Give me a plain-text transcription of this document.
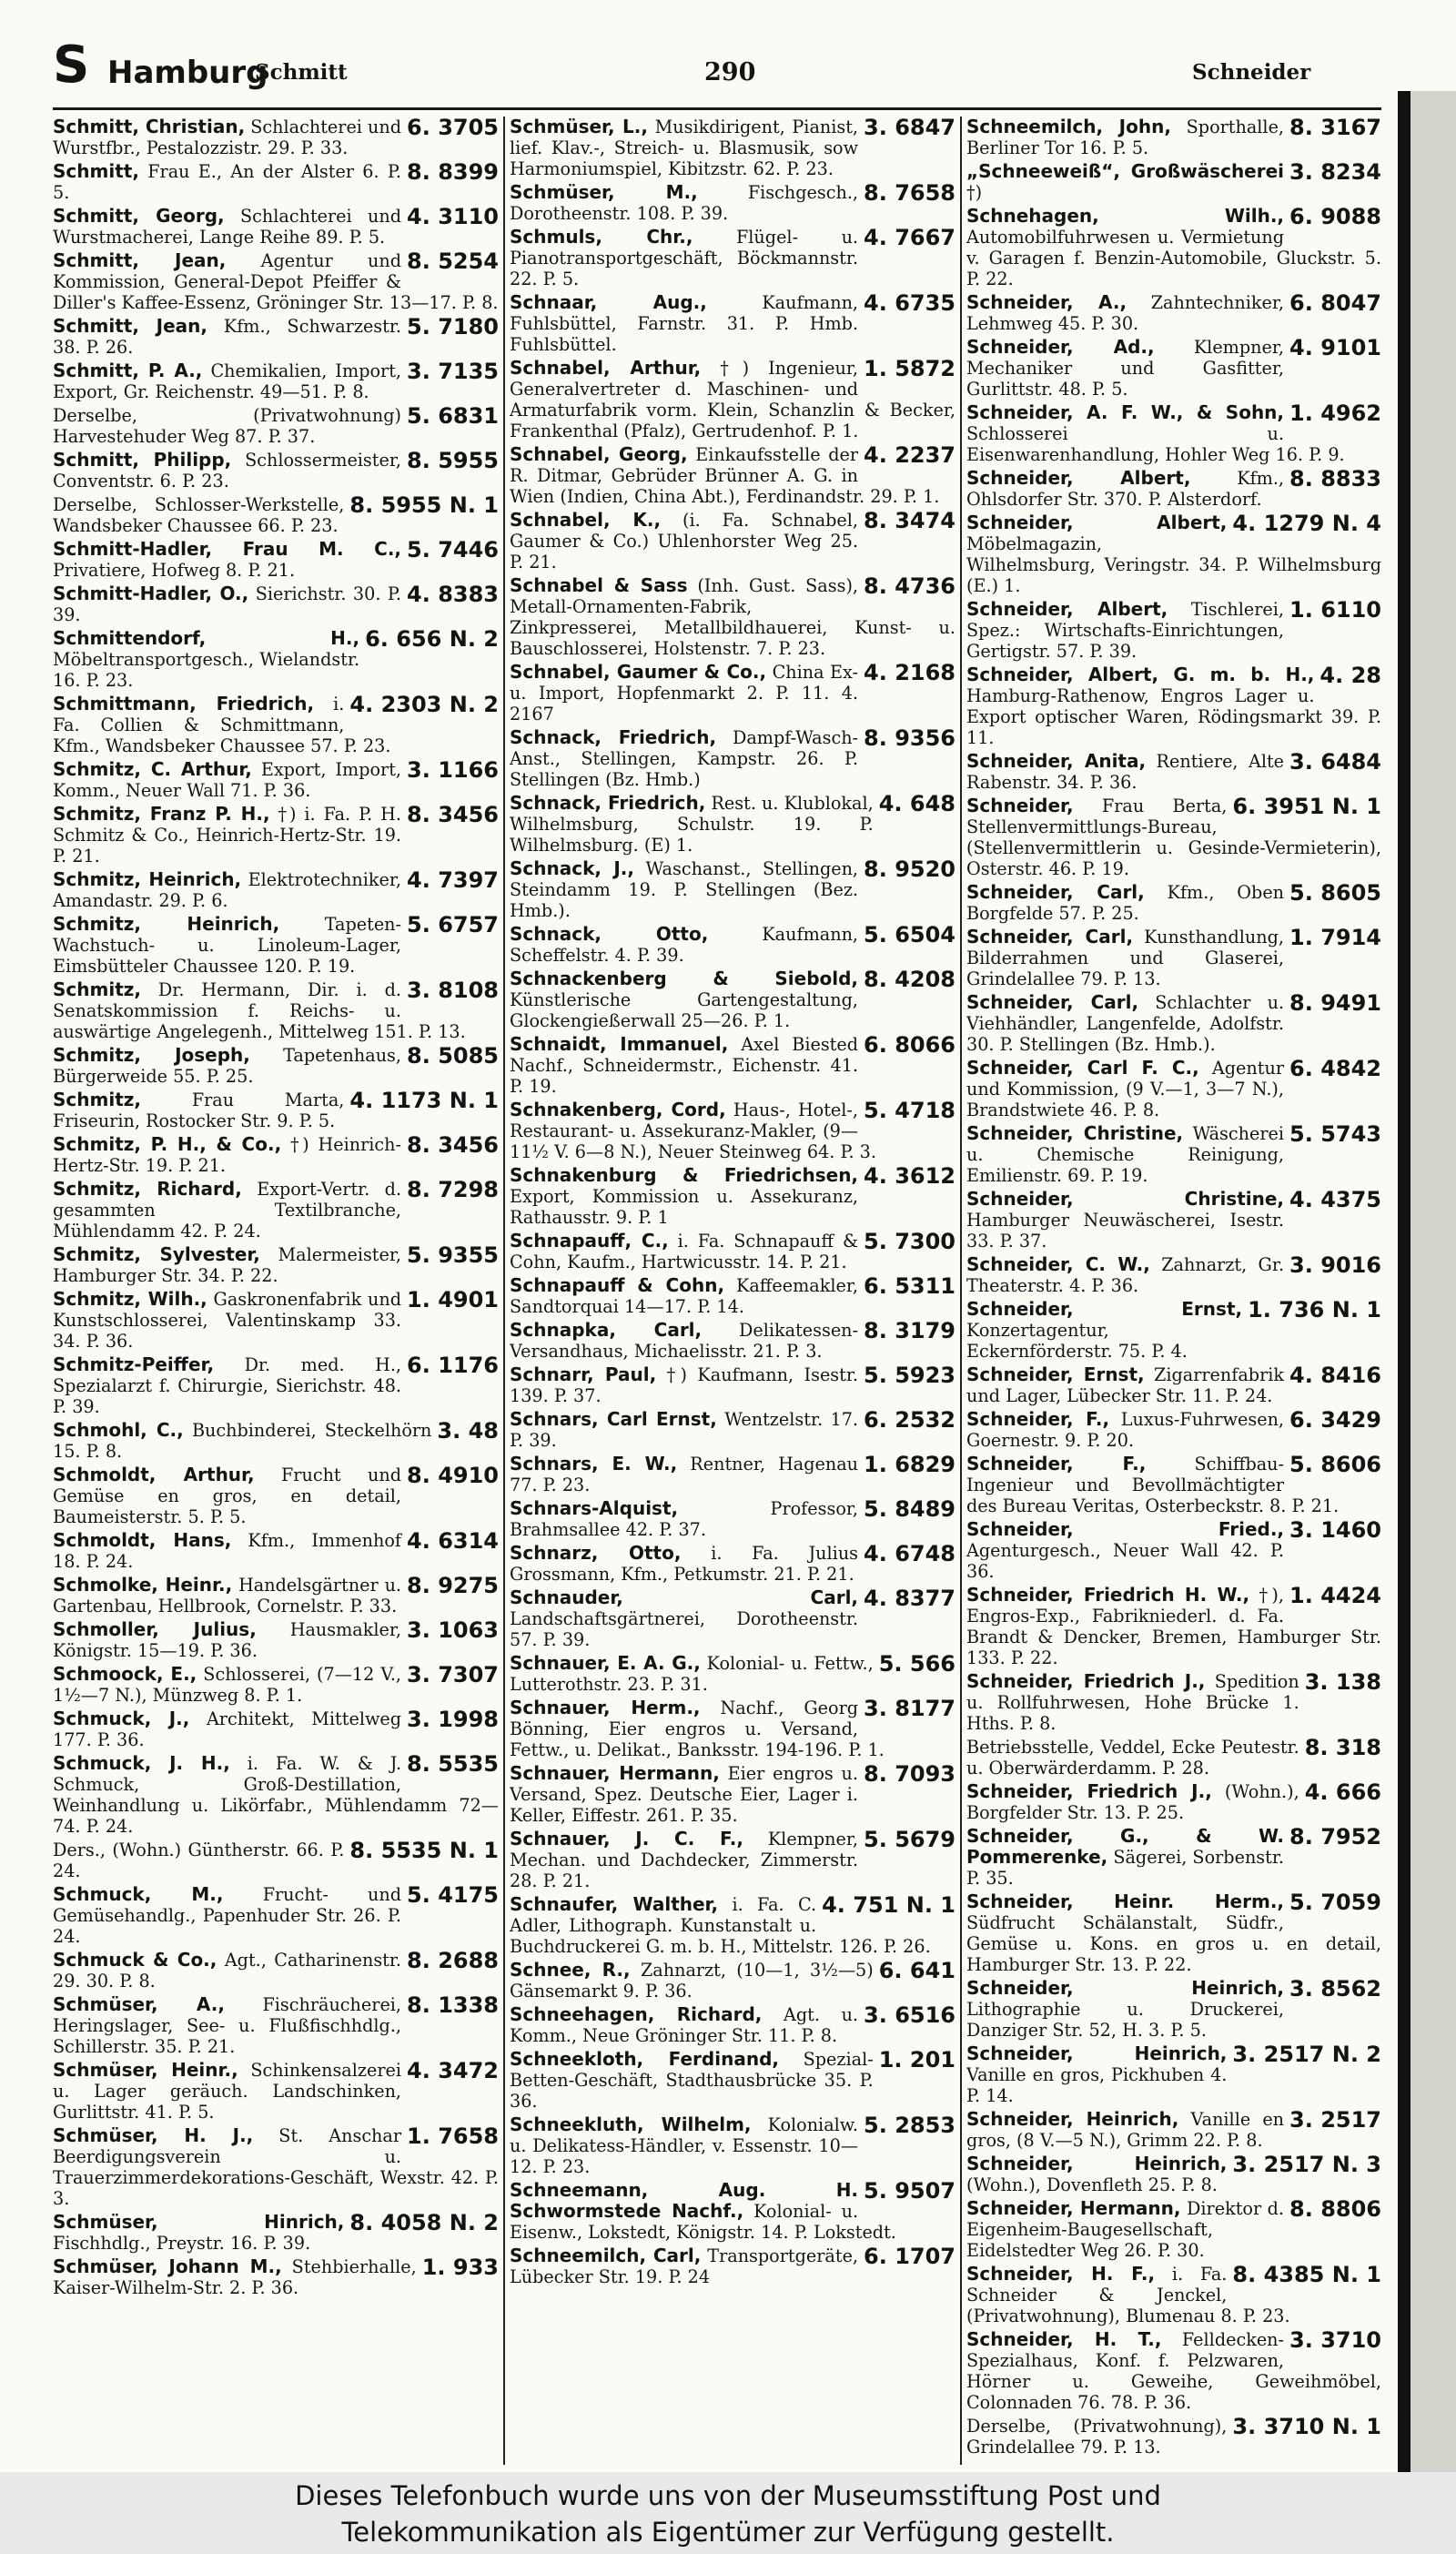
S Hamburg
Schmitt	290	Schneider
6. 3705
Schmitt, Christian, Schlachterei und Wurstfbr., Pestalozzistr. 29. P. 33.
8. 8399
Schmitt, Frau E., An der Alster 6. P. 5.
4. 3110
Schmitt, Georg, Schlachterei und Wurstmacherei, Lange Reihe 89. P. 5.
8. 5254
Schmitt, Jean, Agentur und Kommission, General-Depot Pfeiffer & Diller's Kaffee-Essenz, Gröninger Str. 13—17. P. 8.
5. 7180
Schmitt, Jean, Kfm., Schwarzestr. 38. P. 26.
3. 7135
Schmitt, P. A., Chemikalien, Import, Export, Gr. Reichenstr. 49—51. P. 8.
5. 6831
Derselbe, (Privatwohnung) Harvestehuder Weg 87. P. 37.
8. 5955
Schmitt, Philipp, Schlossermeister, Conventstr. 6. P. 23.
8. 5955 N. 1
Derselbe, Schlosser-Werkstelle, Wandsbeker Chaussee 66. P. 23.
5. 7446
Schmitt-Hadler, Frau M. C., Privatiere, Hofweg 8. P. 21.
4. 8383
Schmitt-Hadler, O., Sierichstr. 30. P. 39.
6. 656 N. 2
Schmittendorf, H., Möbeltransportgesch., Wielandstr. 16. P. 23.
4. 2303 N. 2
Schmittmann, Friedrich, i. Fa. Collien & Schmittmann, Kfm., Wandsbeker Chaussee 57. P. 23.
3. 1166
Schmitz, C. Arthur, Export, Import, Komm., Neuer Wall 71. P. 36.
8. 3456
Schmitz, Franz P. H., †) i. Fa. P. H. Schmitz & Co., Heinrich-Hertz-Str. 19. P. 21.
4. 7397
Schmitz, Heinrich, Elektrotechniker, Amandastr. 29. P. 6.
5. 6757
Schmitz, Heinrich,	Tapeten-Wachstuch- u. Linoleum-Lager, Eimsbütteler Chaussee 120. P. 19.
3. 8108
Schmitz, Dr. Hermann, Dir. i. d. Senatskommission f. Reichs- u. auswärtige Angelegenh., Mittelweg 151. P. 13.
8. 5085
Schmitz, Joseph, Tapetenhaus, Bürgerweide 55. P. 25.
4. 1173 N. 1
Schmitz,	Frau Marta, Friseurin, Rostocker Str. 9. P. 5.
8. 3456
Schmitz, P. H., & Co., †) Heinrich-Hertz-Str. 19. P. 21.
8. 7298
Schmitz, Richard, Export-Vertr. d. gesammten Textilbranche, Mühlendamm 42. P. 24.
5. 9355
Schmitz, Sylvester, Malermeister, Hamburger Str. 34. P. 22.
1. 4901
Schmitz, Wilh., Gaskronenfabrik und Kunstschlosserei, Valentinskamp 33. 34. P. 36.
6. 1176
Schmitz-Peiffer, Dr. med. H., Spezialarzt f. Chirurgie, Sierichstr. 48. P. 39.
3. 48
Schmohl, C., Buchbinderei, Steckelhörn 15. P. 8.
8. 4910
Schmoldt, Arthur, Frucht und Gemüse en gros, en detail, Baumeisterstr. 5. P. 5.
4. 6314
Schmoldt, Hans, Kfm., Immenhof 18. P. 24.
8. 9275
Schmolke, Heinr., Handelsgärtner u. Gartenbau, Hellbrook, Cornelstr. P. 33.
3. 1063
Schmoller, Julius, Hausmakler, Königstr. 15—19. P. 36.
3. 7307
Schmoock, E., Schlosserei, (7—12 V., 1½—7 N.), Münzweg 8. P. 1.
3. 1998
Schmuck, J., Architekt, Mittelweg 177. P. 36.
8. 5535
Schmuck, J. H., i. Fa. W. & J. Schmuck, Groß-Destillation, Weinhandlung u. Likörfabr., Mühlendamm 72—74. P. 24.
8. 5535 N. 1
Ders., (Wohn.) Güntherstr. 66. P. 24.
5. 4175
Schmuck, M., Frucht- und Gemüsehandlg., Papenhuder Str. 26. P. 24.
8. 2688
Schmuck & Co., Agt., Catharinenstr. 29. 30. P. 8.
8. 1338
Schmüser, A., Fischräucherei, Heringslager, See- u. Flußfischhdlg., Schillerstr. 35. P. 21.
4. 3472
Schmüser, Heinr., Schinkensalzerei u. Lager geräuch. Landschinken, Gurlittstr. 41. P. 5.
1. 7658
Schmüser, H. J., St. Anschar Beerdigungsverein u. Trauerzimmerdekorations-Geschäft, Wexstr. 42. P. 3.
8. 4058 N. 2
Schmüser, Hinrich, Fischhdlg., Preystr. 16. P. 39.
1. 933
Schmüser, Johann M., Stehbierhalle, Kaiser-Wilhelm-Str. 2. P. 36.
3. 6847
Schmüser, L., Musikdirigent, Pianist, lief. Klav.-, Streich- u. Blasmusik, sow Harmoniumspiel, Kibitzstr. 62. P. 23.
8. 7658
Schmüser, M.,	Fischgesch., Dorotheenstr. 108. P. 39.
4. 7667
Schmuls, Chr., Flügel- u. Pianotransportgeschäft, Böckmannstr. 22. P. 5.
4. 6735
Schnaar, Aug.,	Kaufmann, Fuhlsbüttel, Farnstr. 31. P. Hmb. Fuhlsbüttel.
1. 5872
Schnabel, Arthur, †) Ingenieur, Generalvertreter d. Maschinen- und Armaturfabrik vorm. Klein, Schanzlin & Becker, Frankenthal (Pfalz), Gertrudenhof. P. 1.
4. 2237
Schnabel, Georg, Einkaufsstelle der R. Ditmar, Gebrüder Brünner A. G. in Wien (Indien, China Abt.), Ferdinandstr. 29. P. 1.
8. 3474
Schnabel, K., (i. Fa. Schnabel, Gaumer & Co.) Uhlenhorster Weg 25. P. 21.
8. 4736
Schnabel & Sass (Inh. Gust. Sass), Metall-Ornamenten-Fabrik, Zinkpresserei, Metallbildhauerei, Kunst- u. Bauschlosserei, Holstenstr. 7. P. 23.
4. 2168
Schnabel, Gaumer & Co., China Ex- u. Import, Hopfenmarkt 2. P. 11. 4. 2167
8. 9356
Schnack, Friedrich, Dampf-Wasch-Anst., Stellingen, Kampstr. 26. P. Stellingen (Bz. Hmb.)
4. 648
Schnack, Friedrich, Rest. u. Klublokal, Wilhelmsburg, Schulstr. 19. P. Wilhelmsburg. (E) 1.
8. 9520
Schnack, J., Waschanst., Stellingen, Steindamm 19. P. Stellingen (Bez. Hmb.).
5. 6504
Schnack, Otto,	Kaufmann, Scheffelstr. 4. P. 39.
8. 4208
Schnackenberg & Siebold, Künstlerische Gartengestaltung, Glockengießerwall 25—26. P. 1.
6. 8066
Schnaidt, Immanuel, Axel Biested Nachf., Schneidermstr., Eichenstr. 41. P. 19.
5. 4718
Schnakenberg, Cord, Haus-, Hotel-, Restaurant- u. Assekuranz-Makler, (9—11½ V. 6—8 N.), Neuer Steinweg 64. P. 3.
4. 3612
Schnakenburg & Friedrichsen, Export, Kommission u. Assekuranz, Rathausstr. 9. P. 1
5. 7300
Schnapauff, C., i. Fa. Schnapauff & Cohn, Kaufm., Hartwicusstr. 14. P. 21.
6. 5311
Schnapauff & Cohn, Kaffeemakler, Sandtorquai 14—17. P. 14.
8. 3179
Schnapka, Carl, Delikatessen-Versandhaus, Michaelisstr. 21. P. 3.
5. 5923
Schnarr, Paul, †) Kaufmann, Isestr. 139. P. 37.
6. 2532
Schnars, Carl Ernst, Wentzelstr. 17. P. 39.
1. 6829
Schnars, E. W., Rentner, Hagenau 77. P. 23.
5. 8489
Schnars-Alquist,	Professor, Brahmsallee 42. P. 37.
4. 6748
Schnarz, Otto, i. Fa. Julius Grossmann, Kfm., Petkumstr. 21. P. 21.
4. 8377
Schnauder, Carl, Landschaftsgärtnerei, Dorotheenstr. 57. P. 39.
5. 566
Schnauer, E. A. G., Kolonial- u. Fettw., Lutterothstr. 23. P. 31.
3. 8177
Schnauer, Herm., Nachf., Georg Bönning, Eier engros u. Versand, Fettw., u. Delikat., Banksstr. 194-196. P. 1.
8. 7093
Schnauer, Hermann, Eier engros u. Versand, Spez. Deutsche Eier, Lager i. Keller, Eiffestr. 261. P. 35.
5. 5679
Schnauer, J. C. F., Klempner, Mechan. und Dachdecker, Zimmerstr. 28. P. 21.
4. 751 N. 1
Schnaufer, Walther, i. Fa. C. Adler, Lithograph. Kunstanstalt u. Buchdruckerei G. m. b. H., Mittelstr. 126. P. 26.
6. 641
Schnee, R., Zahnarzt, (10—1, 3½—5) Gänsemarkt 9. P. 36.
3. 6516
Schneehagen, Richard, Agt. u. Komm., Neue Gröninger Str. 11. P. 8.
1. 201
Schneekloth, Ferdinand, Spezial-Betten-Geschäft, Stadthausbrücke 35. P. 36.
5. 2853
Schneekluth, Wilhelm, Kolonialw. u. Delikatess-Händler, v. Essenstr. 10—12. P. 23.
5. 9507
Schneemann, Aug. H. Schwormstede Nachf., Kolonial- u. Eisenw., Lokstedt, Königstr. 14. P. Lokstedt.
6. 1707
Schneemilch, Carl, Transportgeräte, Lübecker Str. 19. P. 24
8. 3167
Schneemilch, John, Sporthalle, Berliner Tor 16. P. 5.
3. 8234
„Schneeweiß“, Großwäscherei †)
6. 9088
Schnehagen, Wilh., Automobilfuhrwesen u. Vermietung v. Garagen f. Benzin-Automobile, Gluckstr. 5. P. 22.
6. 8047
Schneider, A., Zahntechniker, Lehmweg 45. P. 30.
4. 9101
Schneider, Ad., Klempner, Mechaniker und Gasfitter, Gurlittstr. 48. P. 5.
1. 4962
Schneider, A. F. W., & Sohn, Schlosserei u. Eisenwarenhandlung, Hohler Weg 16. P. 9.
8. 8833
Schneider, Albert,	Kfm., Ohlsdorfer Str. 370. P. Alsterdorf.
4. 1279 N. 4
Schneider, Albert, Möbelmagazin, Wilhelmsburg, Veringstr. 34. P. Wilhelmsburg (E.) 1.
1. 6110
Schneider, Albert, Tischlerei, Spez.: Wirtschafts-Einrichtungen, Gertigstr. 57. P. 39.
4. 28
Schneider, Albert, G. m. b. H., Hamburg-Rathenow, Engros Lager u. Export optischer Waren, Rödingsmarkt 39. P. 11.
3. 6484
Schneider, Anita, Rentiere, Alte Rabenstr. 34. P. 36.
6. 3951 N. 1
Schneider, Frau Berta, Stellenvermittlungs-Bureau, (Stellenvermittlerin u. Gesinde-Vermieterin), Osterstr. 46. P. 19.
5. 8605
Schneider, Carl, Kfm., Oben Borgfelde 57. P. 25.
1. 7914
Schneider, Carl, Kunsthandlung, Bilderrahmen und Glaserei, Grindelallee 79. P. 13.
8. 9491
Schneider, Carl, Schlachter u. Viehhändler, Langenfelde, Adolfstr. 30. P. Stellingen (Bz. Hmb.).
6. 4842
Schneider, Carl F. C., Agentur und Kommission, (9 V.—1, 3—7 N.), Brandstwiete 46. P. 8.
5. 5743
Schneider, Christine, Wäscherei u. Chemische Reinigung, Emilienstr. 69. P. 19.
4. 4375
Schneider, Christine, Hamburger Neuwäscherei, Isestr. 33. P. 37.
3. 9016
Schneider, C. W., Zahnarzt, Gr. Theaterstr. 4. P. 36.
1. 736 N. 1
Schneider, Ernst, Konzertagentur, Eckernförderstr. 75. P. 4.
4. 8416
Schneider, Ernst, Zigarrenfabrik und Lager, Lübecker Str. 11. P. 24.
6. 3429
Schneider, F., Luxus-Fuhrwesen, Goernestr. 9. P. 20.
5. 8606
Schneider, F.,	Schiffbau-Ingenieur und Bevollmächtigter des Bureau Veritas, Osterbeckstr. 8. P. 21.
3. 1460
Schneider, Fried., Agenturgesch., Neuer Wall 42. P. 36.
1. 4424
Schneider, Friedrich H. W., †), Engros-Exp., Fabrikniederl. d. Fa. Brandt & Dencker, Bremen, Hamburger Str. 133. P. 22.
3. 138
Schneider, Friedrich J., Spedition u. Rollfuhrwesen, Hohe Brücke 1. Hths. P. 8.
8. 318
Betriebsstelle, Veddel, Ecke Peutestr. u. Oberwärderdamm. P. 28.
4. 666
Schneider, Friedrich J., (Wohn.), Borgfelder Str. 13. P. 25.
8. 7952
Schneider, G., & W. Pommerenke, Sägerei, Sorbenstr. P. 35.
5. 7059
Schneider, Heinr. Herm., Südfrucht Schälanstalt, Südfr., Gemüse u. Kons. en gros u. en detail, Hamburger Str. 13. P. 22.
3. 8562
Schneider, Heinrich, Lithographie u. Druckerei, Danziger Str. 52, H. 3. P. 5.
3. 2517 N. 2
Schneider, Heinrich, Vanille en gros, Pickhuben 4. P. 14.
3. 2517
Schneider, Heinrich, Vanille en gros, (8 V.—5 N.), Grimm 22. P. 8.
3. 2517 N. 3
Schneider, Heinrich, (Wohn.), Dovenfleth 25. P. 8.
8. 8806
Schneider, Hermann, Direktor d. Eigenheim-Baugesellschaft, Eidelstedter Weg 26. P. 30.
8. 4385 N. 1
Schneider, H. F., i. Fa. Schneider & Jenckel, (Privatwohnung), Blumenau 8. P. 23.
3. 3710
Schneider, H. T., Felldecken-Spezialhaus, Konf. f. Pelzwaren, Hörner u. Geweihe, Geweihmöbel, Colonnaden 76. 78. P. 36.
3. 3710 N. 1
Derselbe, (Privatwohnung), Grindelallee 79. P. 13.
Dieses Telefonbuch wurde uns von der Museumsstiftung Post und
Telekommunikation als Eigentümer zur Verfügung gestellt.
